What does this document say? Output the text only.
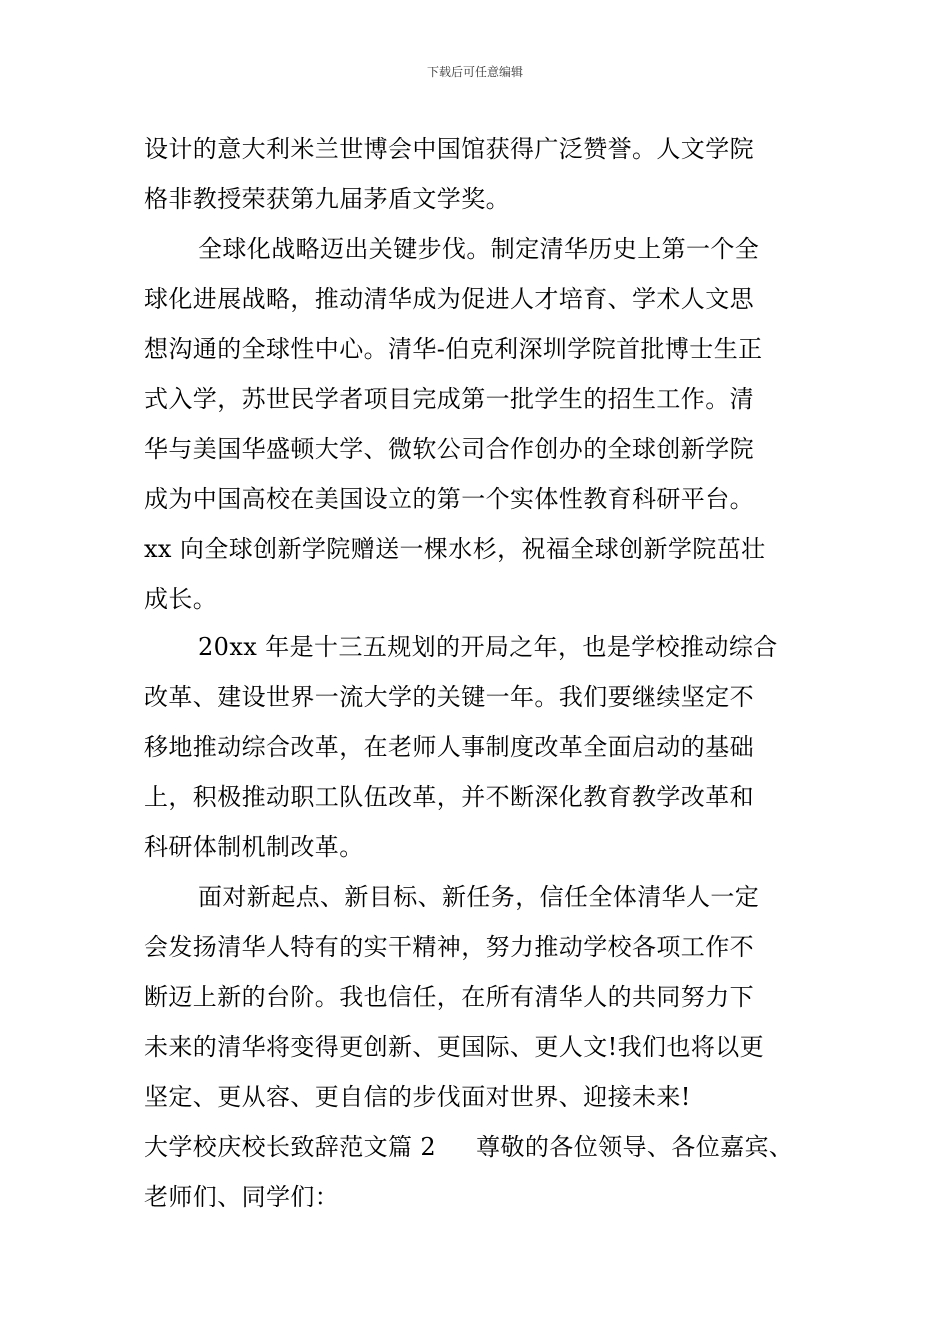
下载后可任意编辑
设计的意大利米兰世博会中国馆获得广泛赞誉。人文学院
格非教授荣获第九届茅盾文学奖。
全球化战略迈出关键步伐。制定清华历史上第一个全
球化进展战略，推动清华成为促进人才培育、学术人文思
想沟通的全球性中心。清华-伯克利深圳学院首批博士生正
式入学，苏世民学者项目完成第一批学生的招生工作。清
华与美国华盛顿大学、微软公司合作创办的全球创新学院
成为中国高校在美国设立的第一个实体性教育科研平台。
xx 向全球创新学院赠送一棵水杉，祝福全球创新学院茁壮
成长。
20xx 年是十三五规划的开局之年，也是学校推动综合
改革、建设世界一流大学的关键一年。我们要继续坚定不
移地推动综合改革，在老师人事制度改革全面启动的基础
上，积极推动职工队伍改革，并不断深化教育教学改革和
科研体制机制改革。
面对新起点、新目标、新任务，信任全体清华人一定
会发扬清华人特有的实干精神，努力推动学校各项工作不
断迈上新的台阶。我也信任，在所有清华人的共同努力下
未来的清华将变得更创新、更国际、更人文!我们也将以更
坚定、更从容、更自信的步伐面对世界、迎接未来!
大学校庆校长致辞范文篇 2 尊敬的各位领导、各位嘉宾、
老师们、同学们：
